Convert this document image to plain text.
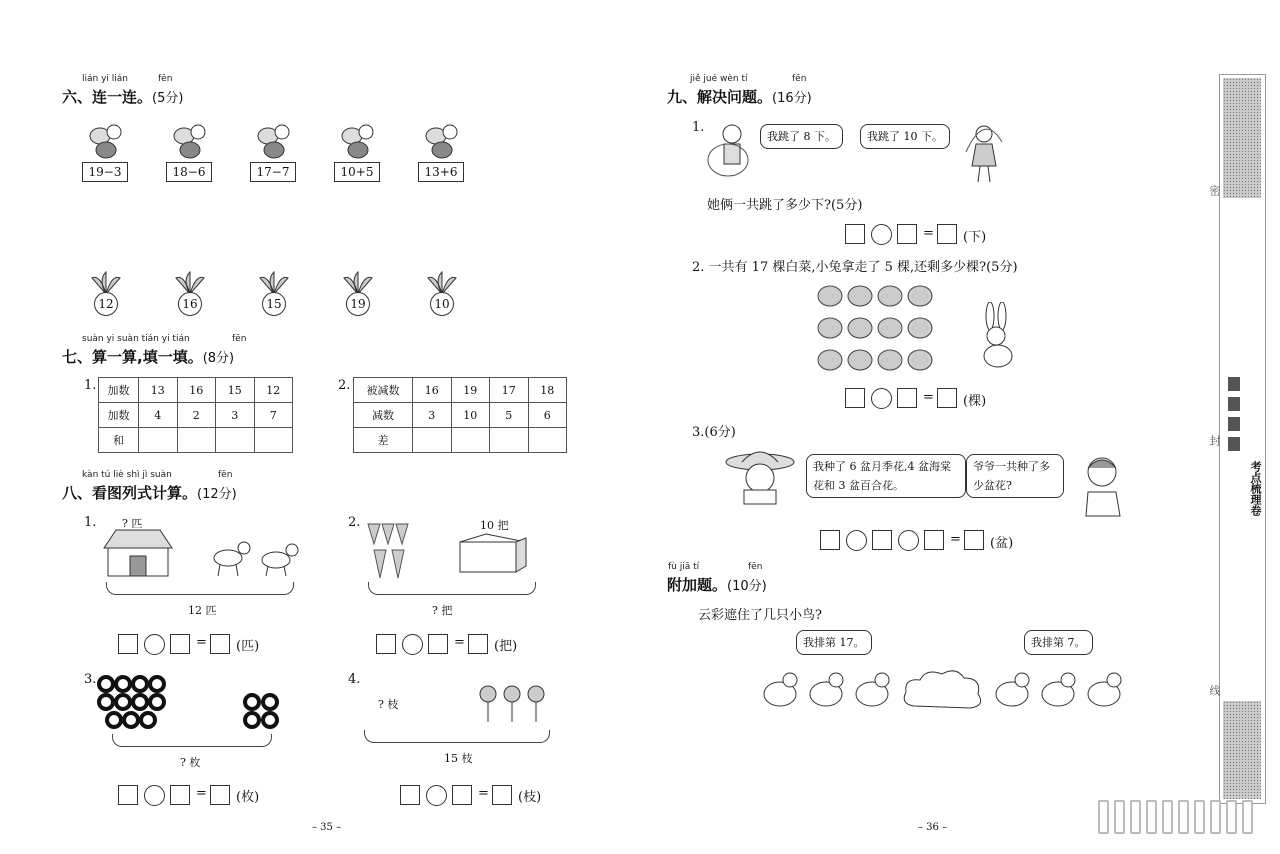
lián yi lián	fēn
六、连一连。(5分)
19−3	18−6	17−7	10+5	13+6
12	16	15	19	10
suàn yi suàn tián yi tián	fēn
七、算一算,填一填。(8分)
1. 加数	13	16	15	12
加数	4	2	3	7
和				
2. 被减数	16	19	17	18
减数	3	10	5	6
差				
kàn tú liè shì jì suàn	fēn
八、看图列式计算。(12分)
1. ? 匹
12 匹
= (匹)
2.	10 把
? 把
= (把)
3.
? 枚
= (枚)
4.
? 枝
15 枝
= (枝)
– 35 –
jiě jué wèn tí	fēn
九、解决问题。(16分)
1.
我跳了 8 下。	我跳了 10 下。
她俩一共跳了多少下?(5分)
= (下)
2. 一共有 17 棵白菜,小兔拿走了 5 棵,还剩多少棵?(5分)
= (棵)
3.(6分)
我种了 6 盆月季花,4 盆海棠花和 3 盆百合花。
爷爷一共种了多少盆花?
= (盆)
fù jiā tí	fēn
附加题。(10分)
云彩遮住了几只小鸟?
我排第 17。	我排第 7。
– 36 –
密
封
线
考点梳理卷
